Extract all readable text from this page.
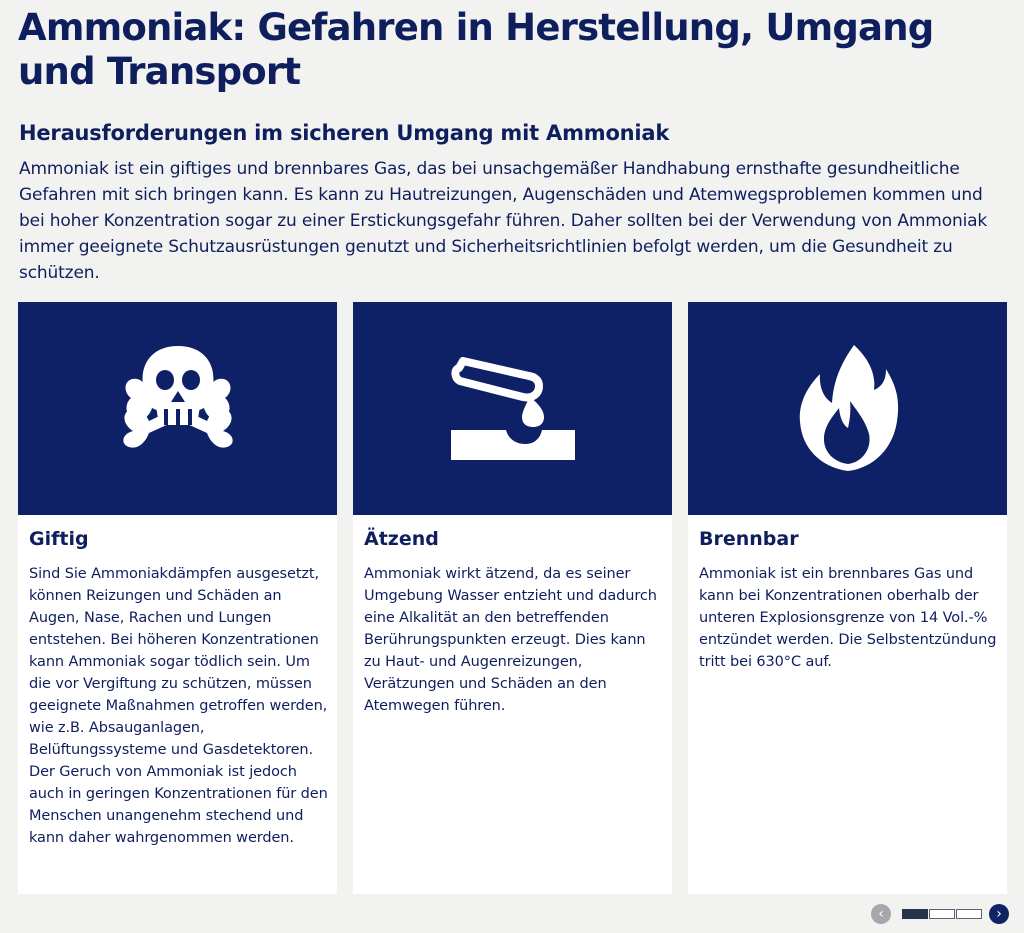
Ammoniak: Gefahren in Herstellung, Umgang und Transport
Herausforderungen im sicheren Umgang mit Ammoniak

Ammoniak ist ein giftiges und brennbares Gas, das bei unsachgemäßer Handhabung ernsthafte gesundheitliche Gefahren mit sich bringen kann. Es kann zu Hautreizungen, Augenschäden und Atemwegsproblemen kommen und bei hoher Konzentration sogar zu einer Erstickungsgefahr führen. Daher sollten bei der Verwendung von Ammoniak immer geeignete Schutzausrüstungen genutzt und Sicherheitsrichtlinien befolgt werden, um die Gesundheit zu schützen.

Giftig

Sind Sie Ammoniakdämpfen ausgesetzt, können Reizungen und Schäden an Augen, Nase, Rachen und Lungen entstehen. Bei höheren Konzentrationen kann Ammoniak sogar tödlich sein. Um die vor Vergiftung zu schützen, müssen geeignete Maßnahmen getroffen werden, wie z.B. Absauganlagen, Belüftungssysteme und Gasdetektoren. Der Geruch von Ammoniak ist jedoch auch in geringen Konzentrationen für den Menschen unangenehm stechend und kann daher wahrgenommen werden.

Ätzend

Ammoniak wirkt ätzend, da es seiner Umgebung Wasser entzieht und dadurch eine Alkalität an den betreffenden Berührungspunkten erzeugt. Dies kann zu Haut- und Augenreizungen, Verätzungen und Schäden an den Atemwegen führen.

Brennbar

Ammoniak ist ein brennbares Gas und kann bei Konzentrationen oberhalb der unteren Explosionsgrenze von 14 Vol.-% entzündet werden. Die Selbstentzündung tritt bei 630°C auf.

‹	›
